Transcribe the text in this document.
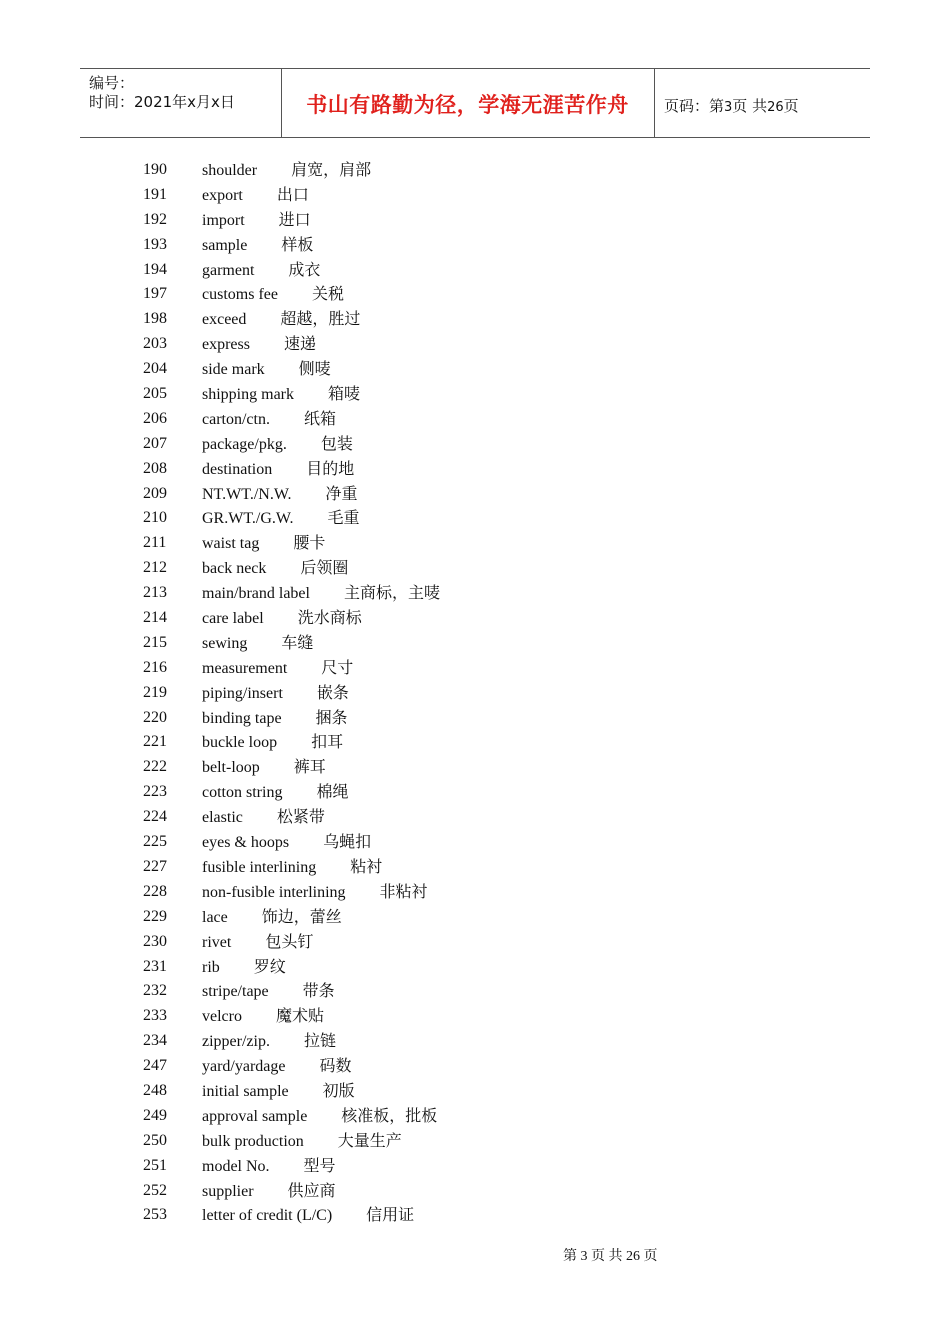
编号：
时间：2021年x月x日	书山有路勤为径，学海无涯苦作舟	页码：第3页 共26页
190	shoulder 肩宽，肩部
191	export 出口
192	import 进口
193	sample 样板
194	garment 成衣
197	customs fee 关税
198	exceed 超越，胜过
203	express 速递
204	side mark 侧唛
205	shipping mark 箱唛
206	carton/ctn. 纸箱
207	package/pkg. 包装
208	destination 目的地
209	NT.WT./N.W. 净重
210	GR.WT./G.W. 毛重
211	waist tag 腰卡
212	back neck 后领圈
213	main/brand label 主商标，主唛
214	care label 洗水商标
215	sewing 车缝
216	measurement 尺寸
219	piping/insert 嵌条
220	binding tape 捆条
221	buckle loop 扣耳
222	belt-loop 裤耳
223	cotton string 棉绳
224	elastic 松紧带
225	eyes & hoops 乌蝇扣
227	fusible interlining 粘衬
228	non-fusible interlining 非粘衬
229	lace 饰边，蕾丝
230	rivet 包头钉
231	rib 罗纹
232	stripe/tape 带条
233	velcro 魔术贴
234	zipper/zip. 拉链
247	yard/yardage 码数
248	initial sample 初版
249	approval sample 核准板，批板
250	bulk production 大量生产
251	model No. 型号
252	supplier 供应商
253	letter of credit (L/C) 信用证
第 3 页 共 26 页
